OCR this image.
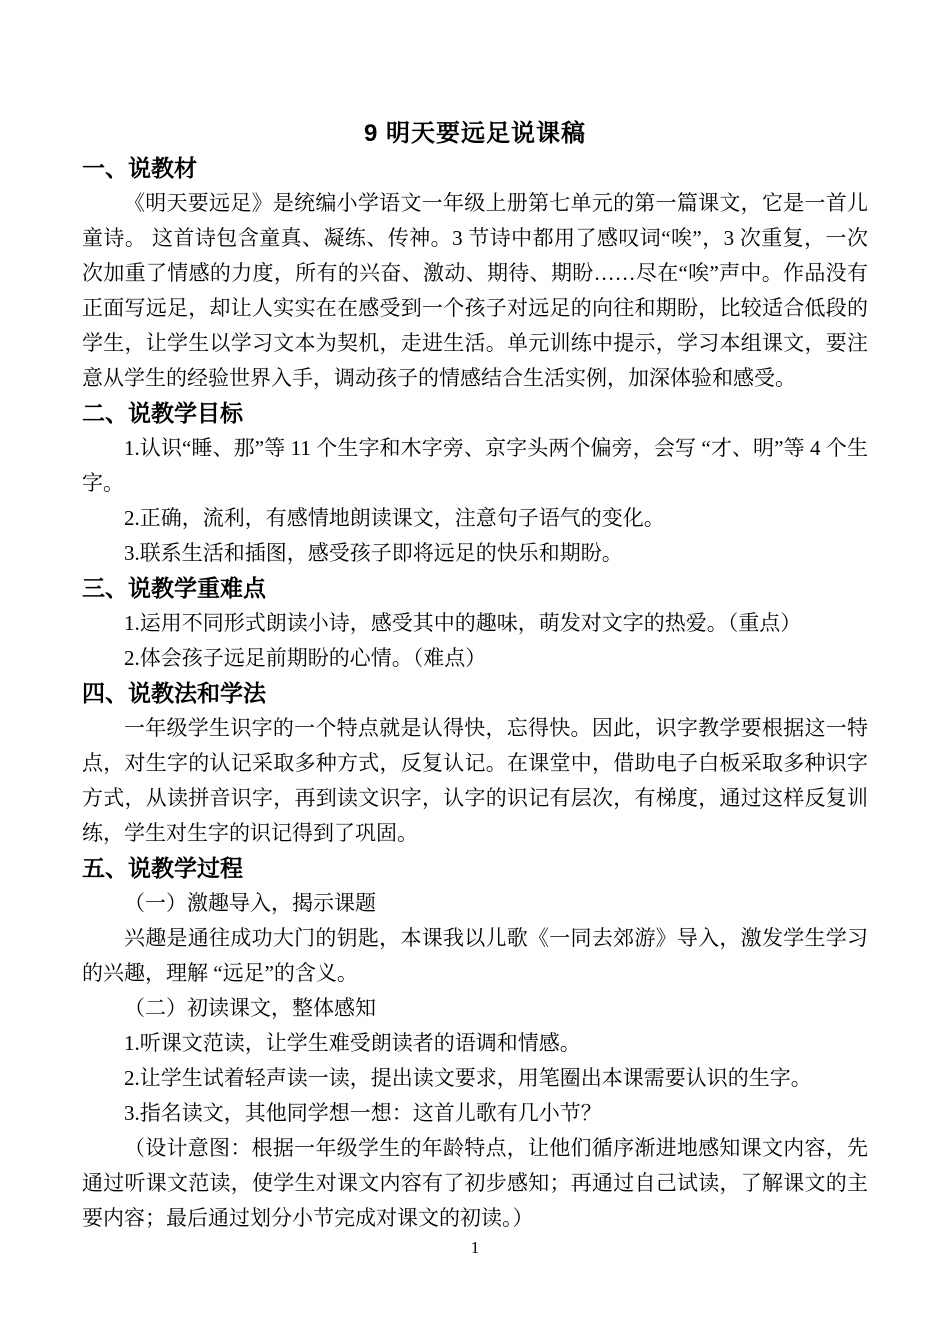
9 明天要远足说课稿
一、说教材

《明天要远足》是统编小学语文一年级上册第七单元的第一篇课文，它是一首儿童诗。 这首诗包含童真、凝练、传神。3 节诗中都用了感叹词“唉”，3 次重复，一次次加重了情感的力度，所有的兴奋、激动、期待、期盼……尽在“唉”声中。作品没有正面写远足，却让人实实在在感受到一个孩子对远足的向往和期盼，比较适合低段的学生，让学生以学习文本为契机，走进生活。单元训练中提示，学习本组课文，要注意从学生的经验世界入手，调动孩子的情感结合生活实例，加深体验和感受。

二、说教学目标

1.认识“睡、那”等 11 个生字和木字旁、京字头两个偏旁，会写 “才、明”等 4 个生字。

2.正确，流利，有感情地朗读课文，注意句子语气的变化。

3.联系生活和插图，感受孩子即将远足的快乐和期盼。

三、说教学重难点

1.运用不同形式朗读小诗，感受其中的趣味，萌发对文字的热爱。（重点）

2.体会孩子远足前期盼的心情。（难点）

四、说教法和学法

一年级学生识字的一个特点就是认得快，忘得快。因此，识字教学要根据这一特点，对生字的认记采取多种方式，反复认记。在课堂中，借助电子白板采取多种识字方式，从读拼音识字，再到读文识字，认字的识记有层次，有梯度，通过这样反复训练，学生对生字的识记得到了巩固。

五、说教学过程

（一）激趣导入，揭示课题

兴趣是通往成功大门的钥匙，本课我以儿歌《一同去郊游》导入，激发学生学习的兴趣，理解 “远足”的含义。

（二）初读课文，整体感知

1.听课文范读，让学生难受朗读者的语调和情感。

2.让学生试着轻声读一读，提出读文要求，用笔圈出本课需要认识的生字。

3.指名读文，其他同学想一想：这首儿歌有几小节？

（设计意图：根据一年级学生的年龄特点，让他们循序渐进地感知课文内容，先通过听课文范读，使学生对课文内容有了初步感知；再通过自己试读，了解课文的主要内容；最后通过划分小节完成对课文的初读。）

1
